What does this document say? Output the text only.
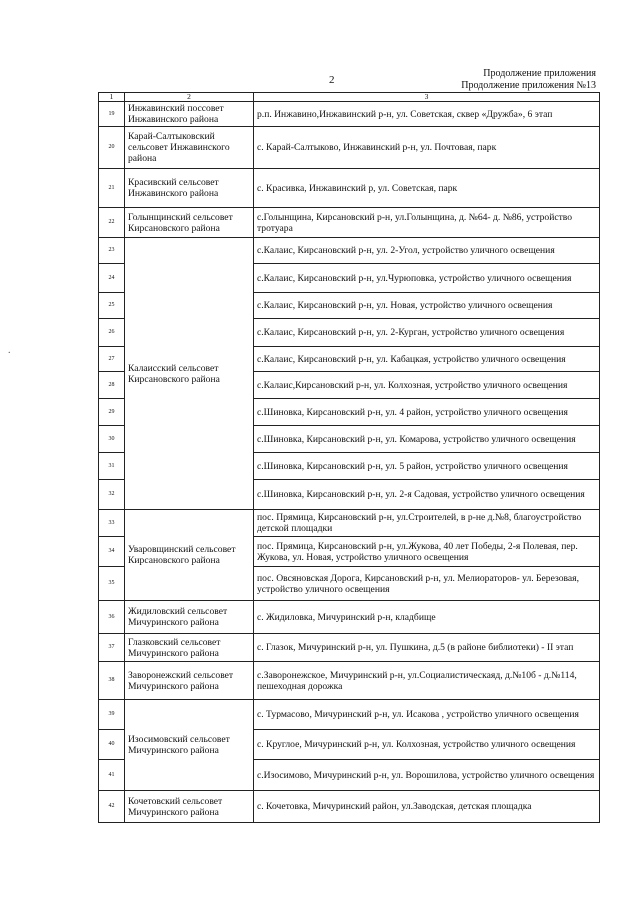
2
Продолжение приложения
Продолжение приложения №13
.
1	2	3
19	Инжавинский поссовет Инжавинского района	р.п. Инжавино,Инжавинский р-н, ул. Советская, сквер «Дружба», 6 этап
20	Карай-Салтыковский сельсовет Инжавинского района	с. Карай-Салтыково, Инжавинский р-н, ул. Почтовая, парк
21	Красивский сельсовет Инжавинского района	с. Красивка, Инжавинский р, ул. Советская, парк
22	Голынщинский сельсовет Кирсановского района	с.Голынщина, Кирсановский р-н, ул.Голынщина, д. №64- д. №86, устройство тротуара
23	Калаисский сельсовет Кирсановского района	с.Калаис, Кирсановский р-н, ул. 2-Угол, устройство уличного освещения
24		с.Калаис, Кирсановский р-н, ул.Чурюповка, устройство уличного освещения
25		с.Калаис, Кирсановский р-н, ул. Новая, устройство уличного освещения
26		с.Калаис, Кирсановский р-н, ул. 2-Курган, устройство уличного освещения
27		с.Калаис, Кирсановский р-н, ул. Кабацкая, устройство уличного освещения
28		с.Калаис,Кирсановский р-н, ул. Колхозная, устройство уличного освещения
29		с.Шиновка, Кирсановский р-н, ул. 4 район, устройство уличного освещения
30		с.Шиновка, Кирсановский р-н, ул. Комарова, устройство уличного освещения
31		с.Шиновка, Кирсановский р-н, ул. 5 район, устройство уличного освещения
32		с.Шиновка, Кирсановский р-н, ул. 2-я Садовая, устройство уличного освещения
33	Уваровщинский сельсовет Кирсановского района	пос. Прямица, Кирсановский р-н, ул.Строителей, в р-не д.№8, благоустройство детской площадки
34		пос. Прямица, Кирсановский р-н, ул.Жукова, 40 лет Победы, 2-я Полевая, пер. Жукова, ул. Новая, устройство уличного освещения
35		пос. Овсяновская Дорога, Кирсановский р-н, ул. Мелиораторов- ул. Березовая, устройство уличного освещения
36	Жидиловский сельсовет Мичуринского района	с. Жидиловка, Мичуринский р-н, кладбище
37	Глазковский сельсовет Мичуринского района	с. Глазок, Мичуринский р-н, ул. Пушкина, д.5 (в районе библиотеки) - II этап
38	Заворонежский сельсовет Мичуринского района	с.Заворонежское, Мичуринский р-н, ул.Социалистическаяд, д.№10б - д.№114, пешеходная дорожка
39	Изосимовский сельсовет Мичуринского района	с. Турмасово, Мичуринский р-н, ул. Исакова , устройство уличного освещения
40		с. Круглое, Мичуринский р-н, ул. Колхозная, устройство уличного освещения
41		с.Изосимово, Мичуринский р-н, ул. Ворошилова, устройство уличного освещения
42	Кочетовский сельсовет Мичуринского района	с. Кочетовка, Мичуринский район, ул.Заводская, детская площадка
